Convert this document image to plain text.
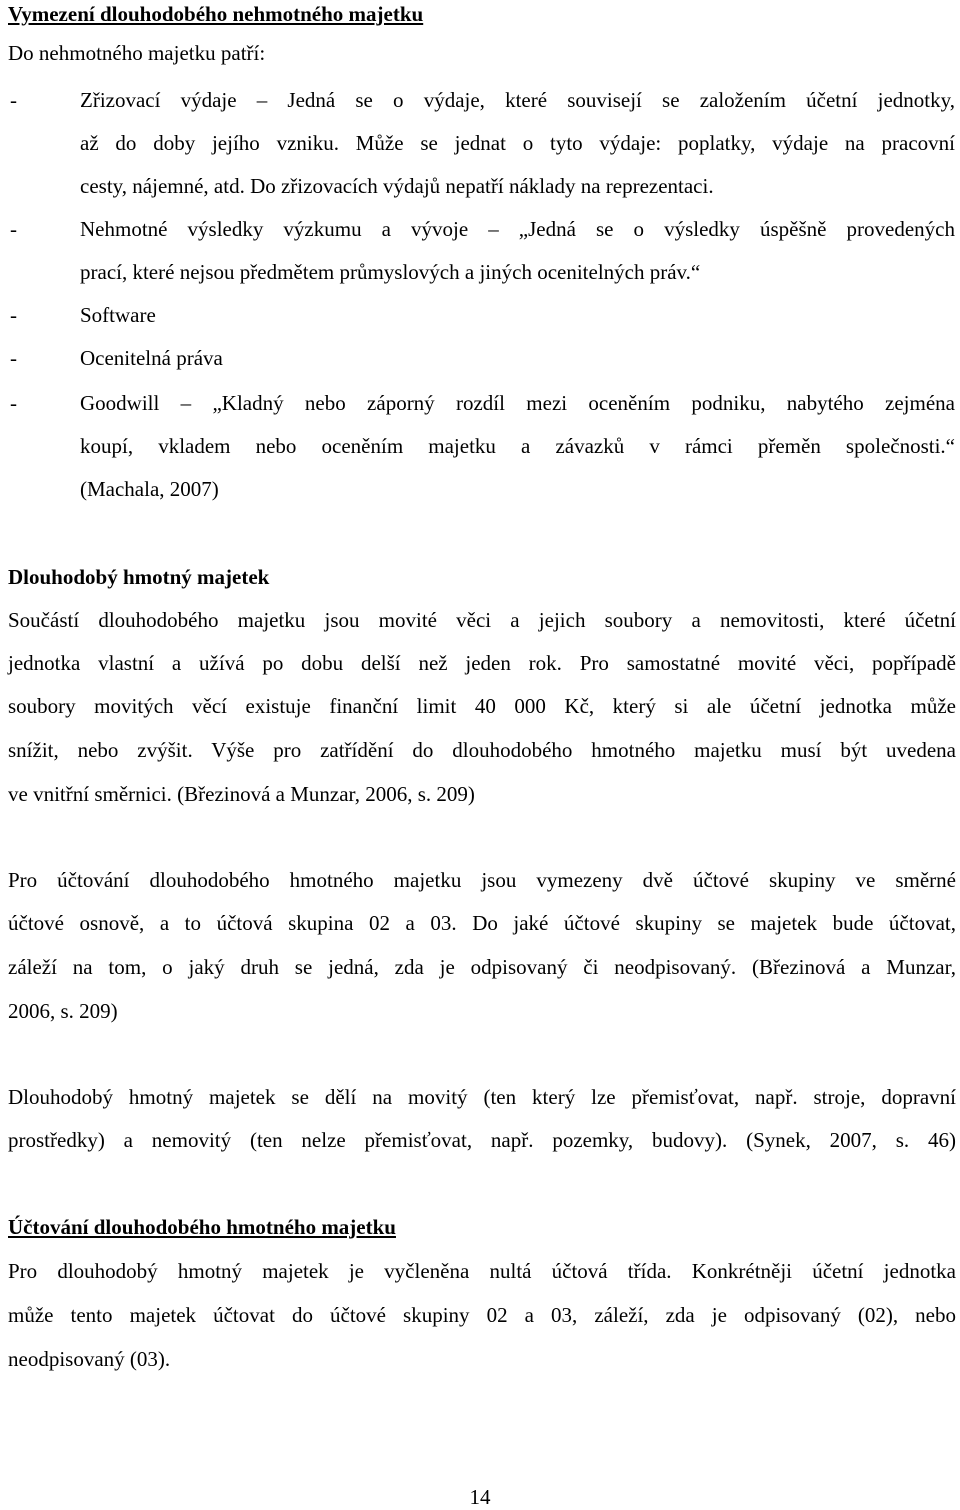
Vymezení dlouhodobého nehmotného majetku
Do nehmotného majetku patří:
-	Zřizovací výdaje – Jedná se o výdaje, které souvisejí se založením účetní jednotky,
až do doby jejího vzniku. Může se jednat o tyto výdaje: poplatky, výdaje na pracovní
cesty, nájemné, atd. Do zřizovacích výdajů nepatří náklady na reprezentaci.
-	Nehmotné výsledky výzkumu a vývoje – „Jedná se o výsledky úspěšně provedených
prací, které nejsou předmětem průmyslových a jiných ocenitelných práv.“
-	Software
-	Ocenitelná práva
-	Goodwill – „Kladný nebo záporný rozdíl mezi oceněním podniku, nabytého zejména
koupí, vkladem nebo oceněním majetku a závazků v rámci přeměn společnosti.“
(Machala, 2007)
Dlouhodobý hmotný majetek
Součástí dlouhodobého majetku jsou movité věci a jejich soubory a nemovitosti, které účetní
jednotka vlastní a užívá po dobu delší než jeden rok. Pro samostatné movité věci, popřípadě
soubory movitých věcí existuje finanční limit 40 000 Kč, který si ale účetní jednotka může
snížit, nebo zvýšit. Výše pro zatřídění do dlouhodobého hmotného majetku musí být uvedena
ve vnitřní směrnici. (Březinová a Munzar, 2006, s. 209)
Pro účtování dlouhodobého hmotného majetku jsou vymezeny dvě účtové skupiny ve směrné
účtové osnově, a to účtová skupina 02 a 03. Do jaké účtové skupiny se majetek bude účtovat,
záleží na tom, o jaký druh se jedná, zda je odpisovaný či neodpisovaný. (Březinová a Munzar,
2006, s. 209)
Dlouhodobý hmotný majetek se dělí na movitý (ten který lze přemisťovat, např. stroje, dopravní
prostředky) a nemovitý (ten nelze přemisťovat, např. pozemky, budovy). (Synek, 2007, s. 46)
Účtování dlouhodobého hmotného majetku
Pro dlouhodobý hmotný majetek je vyčleněna nultá účtová třída. Konkrétněji účetní jednotka
může tento majetek účtovat do účtové skupiny 02 a 03, záleží, zda je odpisovaný (02), nebo
neodpisovaný (03).
14
